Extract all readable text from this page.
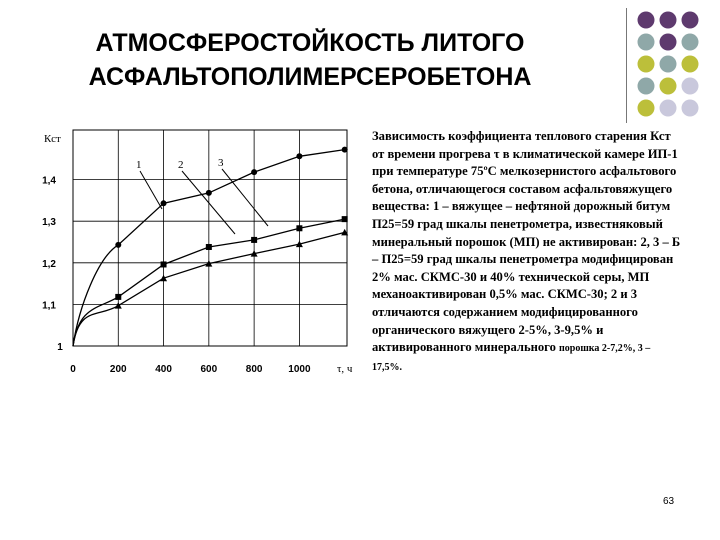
АТМОСФЕРОСТОЙКОСТЬ ЛИТОГО
АСФАЛЬТОПОЛИМЕРСЕРОБЕТОНА
0	200	400	600	800	1000
1
1,1
1,2
1,3
1,4
Кст
τ, ч
1	2	3

Зависимость коэффициента теплового старения Кст от времени прогрева τ в климатической камере ИП-1 при температуре 75ºС мелкозернистого асфальтового бетона, отличающегося составом асфальтовяжущего вещества: 1 – вяжущее – нефтяной дорожный битум П25=59 град шкалы пенетрометра, известняковый минеральный порошок (МП) не активирован: 2, 3 – Б – П25=59 град шкалы пенетрометра модифицирован 2% мас. СКМС-30 и 40% технической серы, МП механоактивирован 0,5% мас. СКМС-30; 2 и 3 отличаются содержанием модифицированного органического вяжущего 2-5%, 3-9,5% и активированного минерального порошка 2-7,2%, 3 – 17,5%.

63
